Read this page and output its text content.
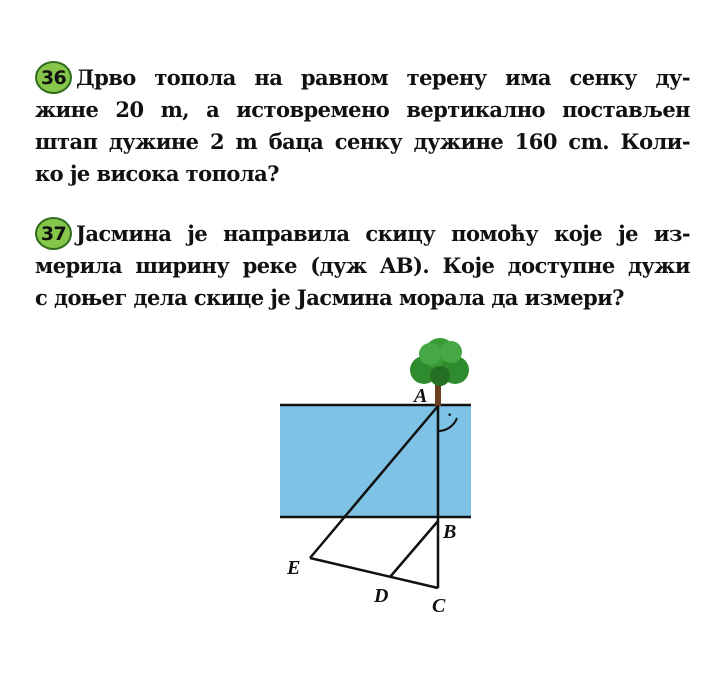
36 Дрво топола на равном терену има сенку ду-
жине 20 m, а истовремено вертикално постављен
штап дужине 2 m баца сенку дужине 160 cm. Коли-
ко је висока топола?
37 Јасмина је направила скицу помоћу које је из-
мерила ширину реке (дуж AB). Које доступне дужи
с доњег дела скице је Јасмина морала да измери?
·
A
B
C
D
E
